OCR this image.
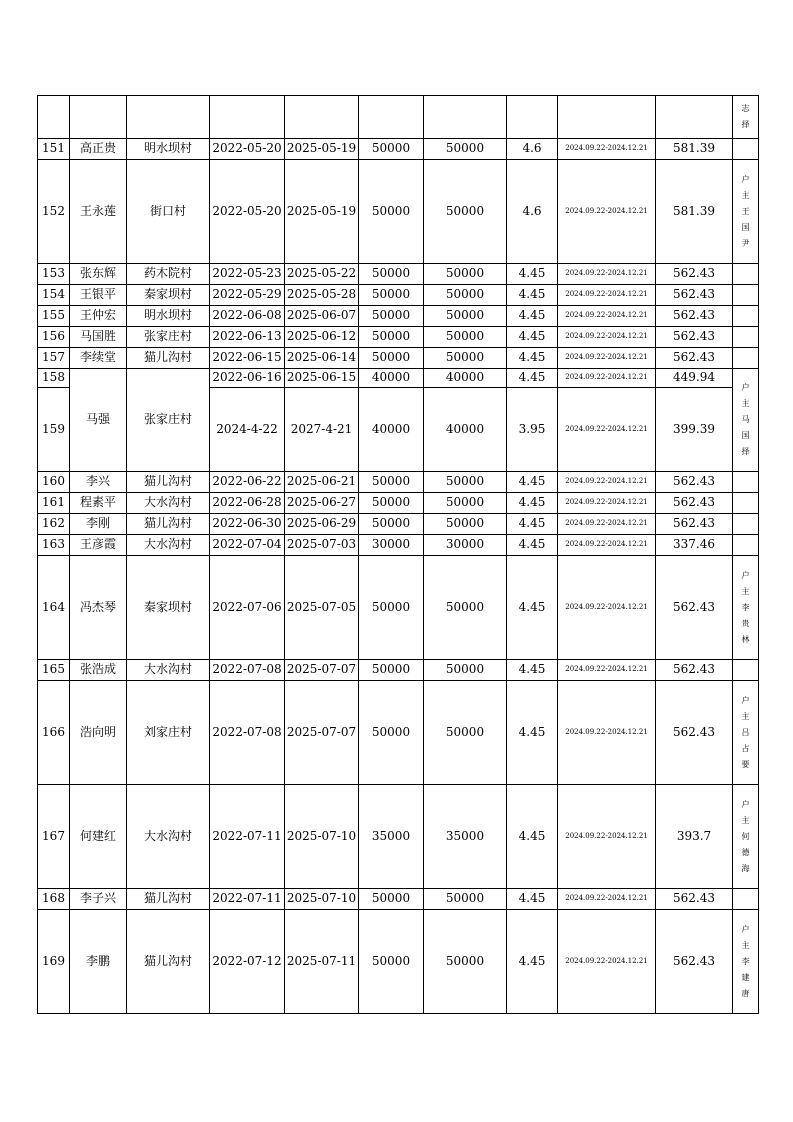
										志
择

151	高正贵	明水坝村	2022-05-20	2025-05-19	50000	50000	4.6	2024.09.22-2024.12.21	581.39	

152	王永莲	街口村	2022-05-20	2025-05-19	50000	50000	4.6	2024.09.22-2024.12.21	581.39	户
主
王
国
尹

153	张东辉	药木院村	2022-05-23	2025-05-22	50000	50000	4.45	2024.09.22-2024.12.21	562.43	

154	王银平	秦家坝村	2022-05-29	2025-05-28	50000	50000	4.45	2024.09.22-2024.12.21	562.43	

155	王仲宏	明水坝村	2022-06-08	2025-06-07	50000	50000	4.45	2024.09.22-2024.12.21	562.43	

156	马国胜	张家庄村	2022-06-13	2025-06-12	50000	50000	4.45	2024.09.22-2024.12.21	562.43	

157	李续堂	猫儿沟村	2022-06-15	2025-06-14	50000	50000	4.45	2024.09.22-2024.12.21	562.43	

158	马强	张家庄村	2022-06-16	2025-06-15	40000	40000	4.45	2024.09.22-2024.12.21	449.94	户
主
马
国
择

159			2024-4-22	2027-4-21	40000	40000	3.95	2024.09.22-2024.12.21	399.39	
160	李兴	猫儿沟村	2022-06-22	2025-06-21	50000	50000	4.45	2024.09.22-2024.12.21	562.43	

161	程素平	大水沟村	2022-06-28	2025-06-27	50000	50000	4.45	2024.09.22-2024.12.21	562.43	

162	李刚	猫儿沟村	2022-06-30	2025-06-29	50000	50000	4.45	2024.09.22-2024.12.21	562.43	

163	王彦霞	大水沟村	2022-07-04	2025-07-03	30000	30000	4.45	2024.09.22-2024.12.21	337.46	

164	冯杰琴	秦家坝村	2022-07-06	2025-07-05	50000	50000	4.45	2024.09.22-2024.12.21	562.43	户
主
李
贵
林

165	张浩成	大水沟村	2022-07-08	2025-07-07	50000	50000	4.45	2024.09.22-2024.12.21	562.43	

166	浩向明	刘家庄村	2022-07-08	2025-07-07	50000	50000	4.45	2024.09.22-2024.12.21	562.43	户
主
吕
占
要

167	何建红	大水沟村	2022-07-11	2025-07-10	35000	35000	4.45	2024.09.22-2024.12.21	393.7	户
主
何
德
海

168	李子兴	猫儿沟村	2022-07-11	2025-07-10	50000	50000	4.45	2024.09.22-2024.12.21	562.43	

169	李鹏	猫儿沟村	2022-07-12	2025-07-11	50000	50000	4.45	2024.09.22-2024.12.21	562.43	户
主
李
建
唐
